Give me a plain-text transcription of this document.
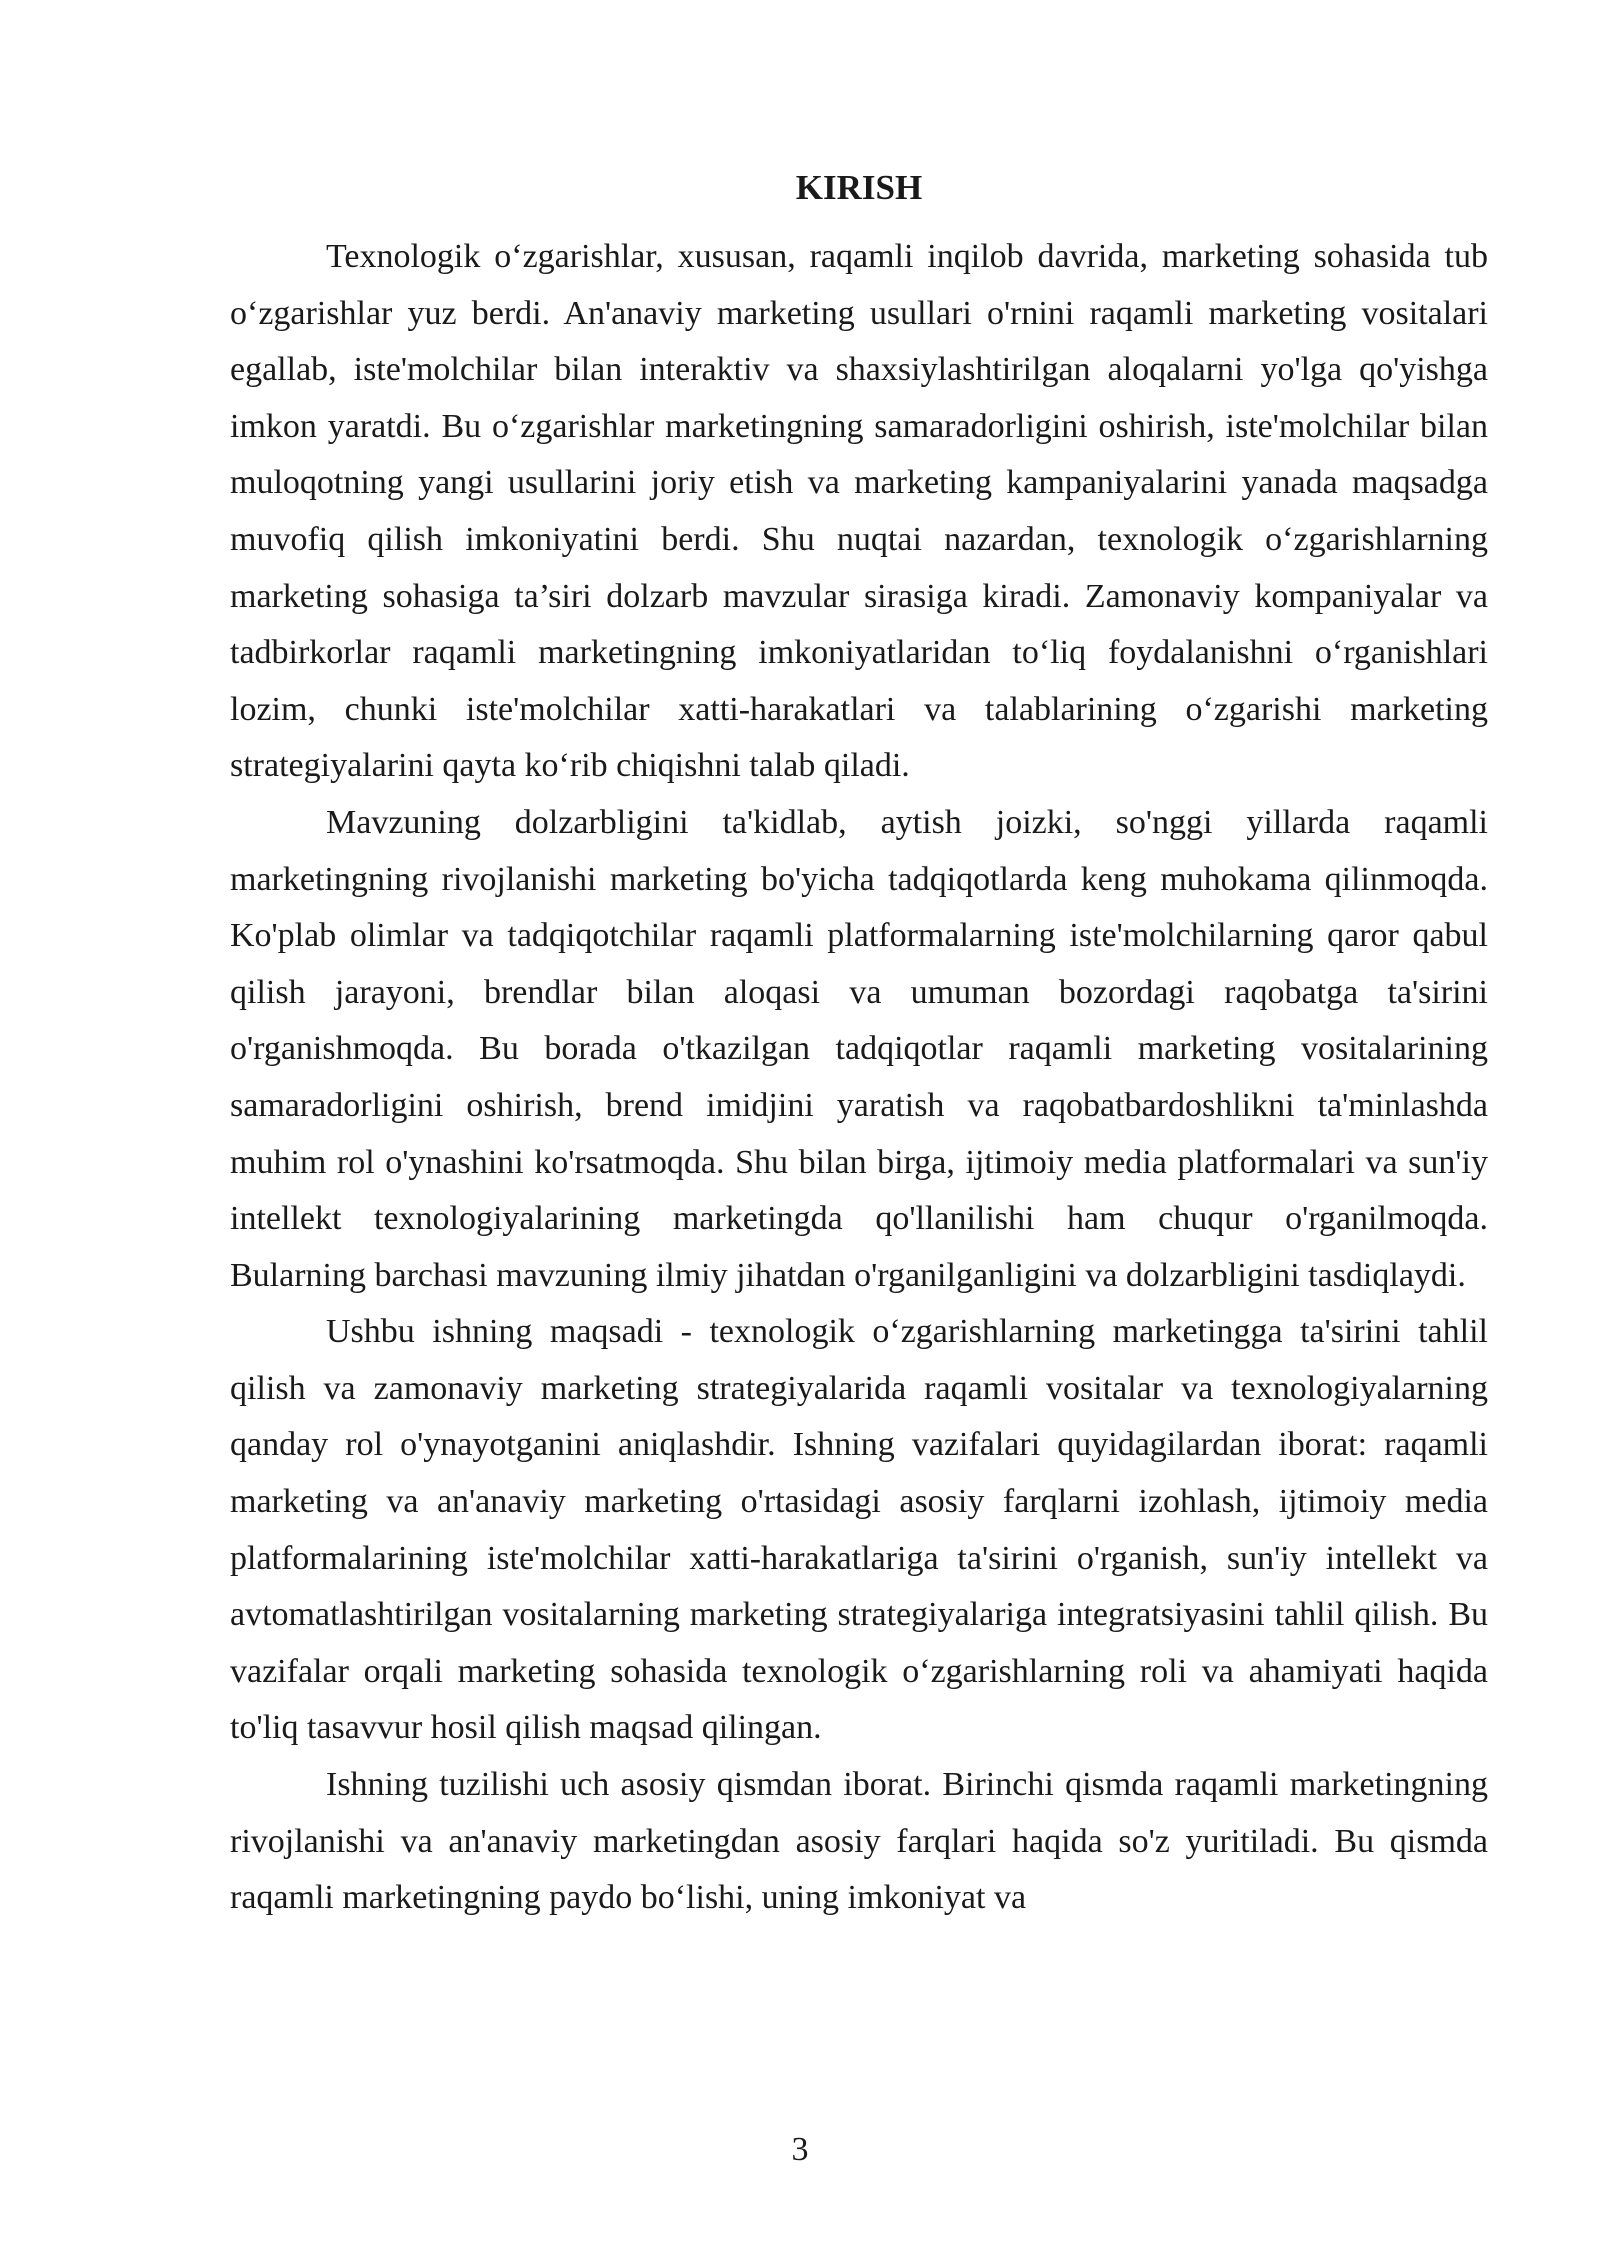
KIRISH

Texnologik o‘zgarishlar, xususan, raqamli inqilob davrida, marketing sohasida tub o‘zgarishlar yuz berdi. An'anaviy marketing usullari o'rnini raqamli marketing vositalari egallab, iste'molchilar bilan interaktiv va shaxsiylashtirilgan aloqalarni yo'lga qo'yishga imkon yaratdi. Bu o‘zgarishlar marketingning samaradorligini oshirish, iste'molchilar bilan muloqotning yangi usullarini joriy etish va marketing kampaniyalarini yanada maqsadga muvofiq qilish imkoniyatini berdi. Shu nuqtai nazardan, texnologik o‘zgarishlarning marketing sohasiga ta’siri dolzarb mavzular sirasiga kiradi. Zamonaviy kompaniyalar va tadbirkorlar raqamli marketingning imkoniyatlaridan to‘liq foydalanishni o‘rganishlari lozim, chunki iste'molchilar xatti-harakatlari va talablarining o‘zgarishi marketing strategiyalarini qayta ko‘rib chiqishni talab qiladi.

Mavzuning dolzarbligini ta'kidlab, aytish joizki, so'nggi yillarda raqamli marketingning rivojlanishi marketing bo'yicha tadqiqotlarda keng muhokama qilinmoqda. Ko'plab olimlar va tadqiqotchilar raqamli platformalarning iste'molchilarning qaror qabul qilish jarayoni, brendlar bilan aloqasi va umuman bozordagi raqobatga ta'sirini o'rganishmoqda. Bu borada o'tkazilgan tadqiqotlar raqamli marketing vositalarining samaradorligini oshirish, brend imidjini yaratish va raqobatbardoshlikni ta'minlashda muhim rol o'ynashini ko'rsatmoqda. Shu bilan birga, ijtimoiy media platformalari va sun'iy intellekt texnologiyalarining marketingda qo'llanilishi ham chuqur o'rganilmoqda. Bularning barchasi mavzuning ilmiy jihatdan o'rganilganligini va dolzarbligini tasdiqlaydi.

Ushbu ishning maqsadi - texnologik o‘zgarishlarning marketingga ta'sirini tahlil qilish va zamonaviy marketing strategiyalarida raqamli vositalar va texnologiyalarning qanday rol o'ynayotganini aniqlashdir. Ishning vazifalari quyidagilardan iborat: raqamli marketing va an'anaviy marketing o'rtasidagi asosiy farqlarni izohlash, ijtimoiy media platformalarining iste'molchilar xatti-harakatlariga ta'sirini o'rganish, sun'iy intellekt va avtomatlashtirilgan vositalarning marketing strategiyalariga integratsiyasini tahlil qilish. Bu vazifalar orqali marketing sohasida texnologik o‘zgarishlarning roli va ahamiyati haqida to'liq tasavvur hosil qilish maqsad qilingan.

Ishning tuzilishi uch asosiy qismdan iborat. Birinchi qismda raqamli marketingning rivojlanishi va an'anaviy marketingdan asosiy farqlari haqida so'z yuritiladi. Bu qismda raqamli marketingning paydo bo‘lishi, uning imkoniyat va

3
